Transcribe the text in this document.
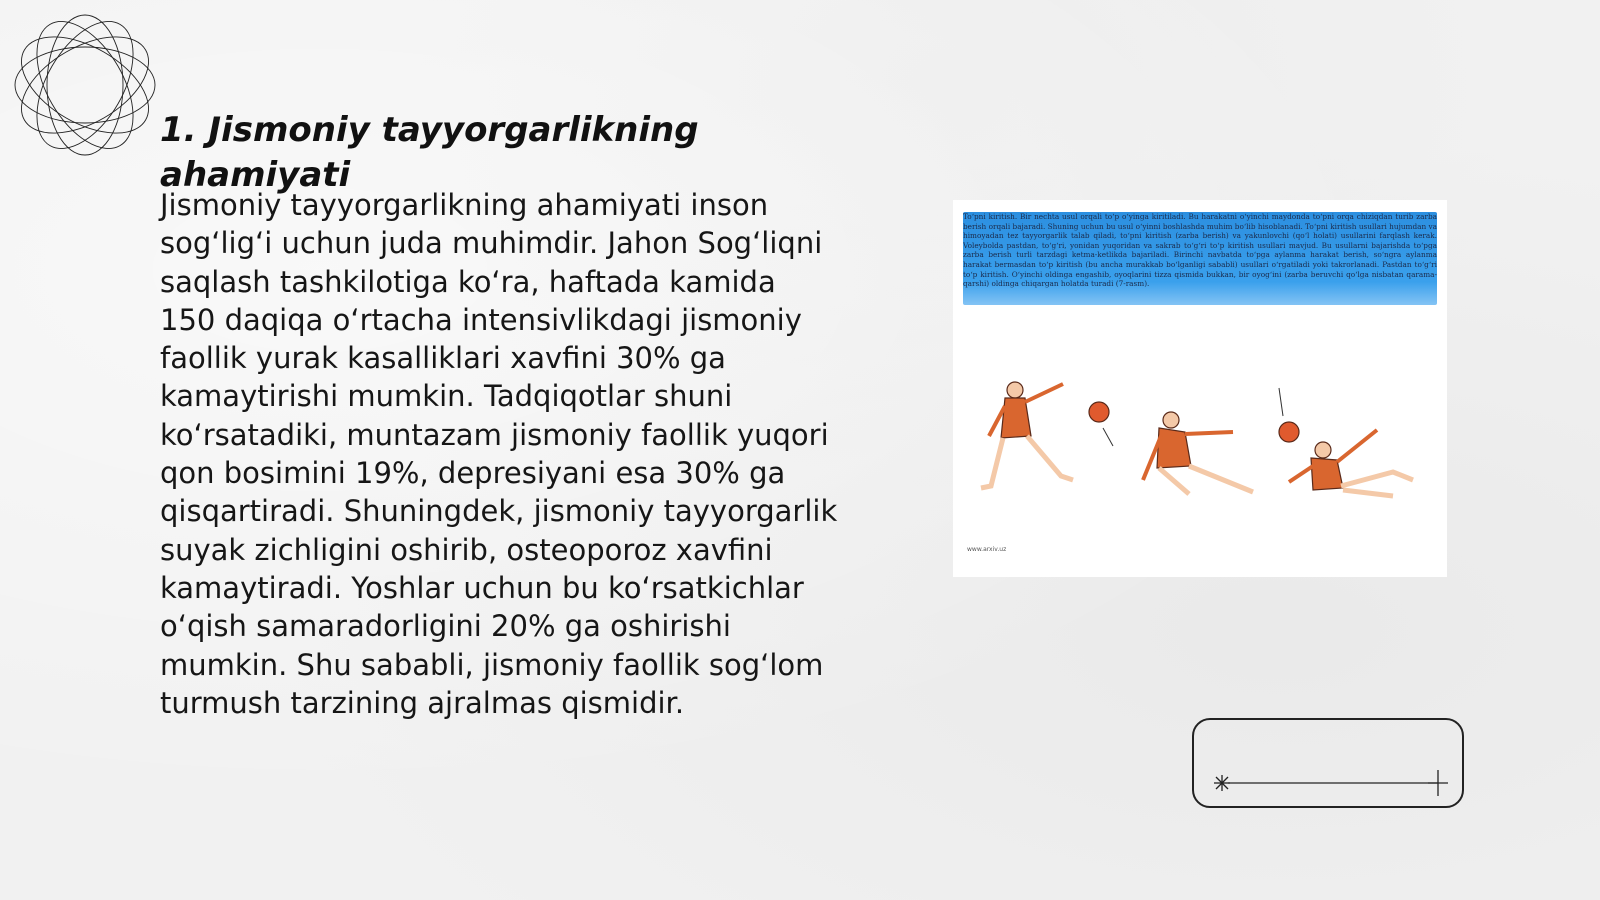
1. Jismoniy tayyorgarlikning ahamiyati

Jismoniy tayyorgarlikning ahamiyati inson sog‘lig‘i uchun juda muhimdir. Jahon Sog‘liqni saqlash tashkilotiga ko‘ra, haftada kamida 150 daqiqa o‘rtacha intensivlikdagi jismoniy faollik yurak kasalliklari xavfini 30% ga kamaytirishi mumkin. Tadqiqotlar shuni ko‘rsatadiki, muntazam jismoniy faollik yuqori qon bosimini 19%, depresiyani esa 30% ga qisqartiradi. Shuningdek, jismoniy tayyorgarlik suyak zichligini oshirib, osteoporoz xavfini kamaytiradi. Yoshlar uchun bu ko‘rsatkichlar o‘qish samaradorligini 20% ga oshirishi mumkin. Shu sababli, jismoniy faollik sog‘lom turmush tarzining ajralmas qismidir.

To‘pni kiritish. Bir nechta usul orqali to‘p o‘yinga kiritiladi. Bu harakatni o‘yinchi maydonda to‘pni orqa chiziqdan turib zarba berish orqali bajaradi. Shuning uchun bu usul o‘yinni boshlashda muhim bo‘lib hisoblanadi. To‘pni kiritish usullari hujumdan va himoyadan tez tayyorgarlik talab qiladi, to‘pni kiritish (zarba berish) va yakunlovchi (qo‘l holati) usullarini farqlash kerak. Voleybolda pastdan, to‘g‘ri, yonidan yuqoridan va sakrab to‘g‘ri to‘p kiritish usullari mavjud. Bu usullarni bajarishda to‘pga zarba berish turli tarzdagi ketma-ketlikda bajariladi. Birinchi navbatda to‘pga aylanma harakat berish, so‘ngra aylanma harakat bermasdan to‘p kiritish (bu ancha murakkab bo‘lganligi sababli) usullari o‘rgatiladi yoki takrorlanadi. Pastdan to‘g‘ri to‘p kiritish. O‘yinchi oldinga engashib, oyoqlarini tizza qismida bukkan, bir oyog‘ini (zarba beruvchi qo‘lga nisbatan qarama-qarshi) oldinga chiqargan holatda turadi (7-rasm).
www.arxiv.uz
